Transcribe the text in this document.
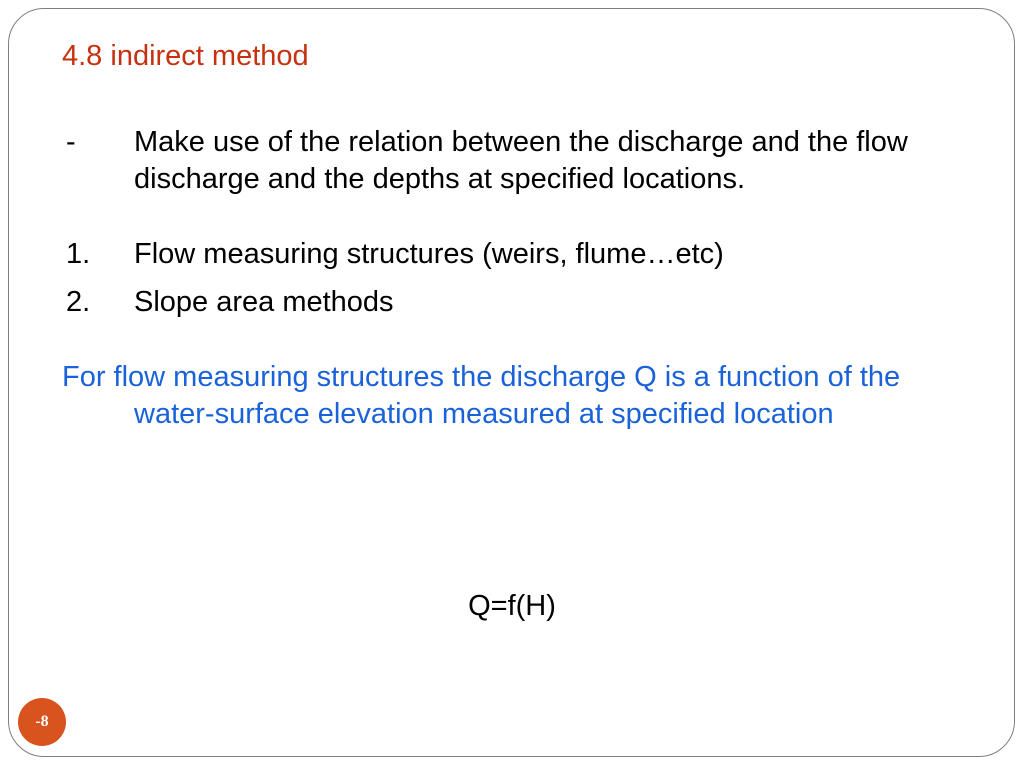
4.8 indirect method
- Make use of the relation between the discharge and the flow discharge and the depths at specified locations.
1. Flow measuring structures (weirs, flume…etc)
2. Slope area methods
For flow measuring structures the discharge Q is a function of the water-surface elevation measured at specified location
Q=f(H)
-8
